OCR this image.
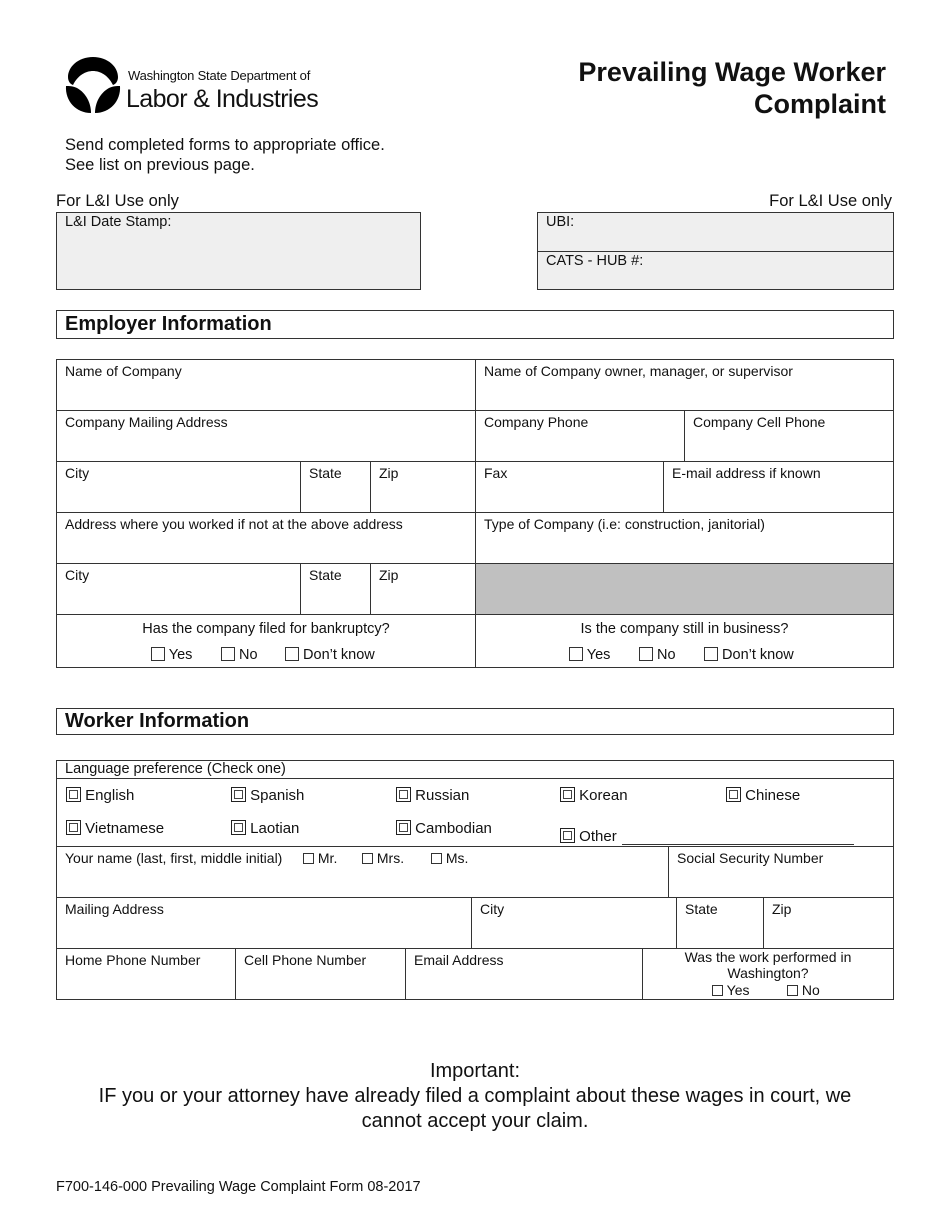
Washington State Department of
Labor & Industries
Prevailing Wage Worker
Complaint
Send completed forms to appropriate office.
See list on previous page.
For L&I Use only	For L&I Use only
L&I Date Stamp:	UBI:
CATS - HUB #:
Employer Information
Name of Company	Name of Company owner, manager, or supervisor
Company Mailing Address	Company Phone	Company Cell Phone
City	State	Zip	Fax	E-mail address if known
Address where you worked if not at the above address	Type of Company (i.e: construction, janitorial)
City	State	Zip
Has the company filed for bankruptcy?
Yes	No	Don’t know
Is the company still in business?
Yes	No	Don’t know
Worker Information
Language preference (Check one)
English	Spanish	Russian	Korean	Chinese
Vietnamese	Laotian	Cambodian	Other
Your name (last, first, middle initial)	Mr.	Mrs.	Ms.	Social Security Number
Mailing Address	City	State	Zip
Home Phone Number	Cell Phone Number	Email Address	Was the work performed in
Washington?
Yes	No
Important:
IF you or your attorney have already filed a complaint about these wages in court, we
cannot accept your claim.
F700-146-000 Prevailing Wage Complaint Form 08-2017
